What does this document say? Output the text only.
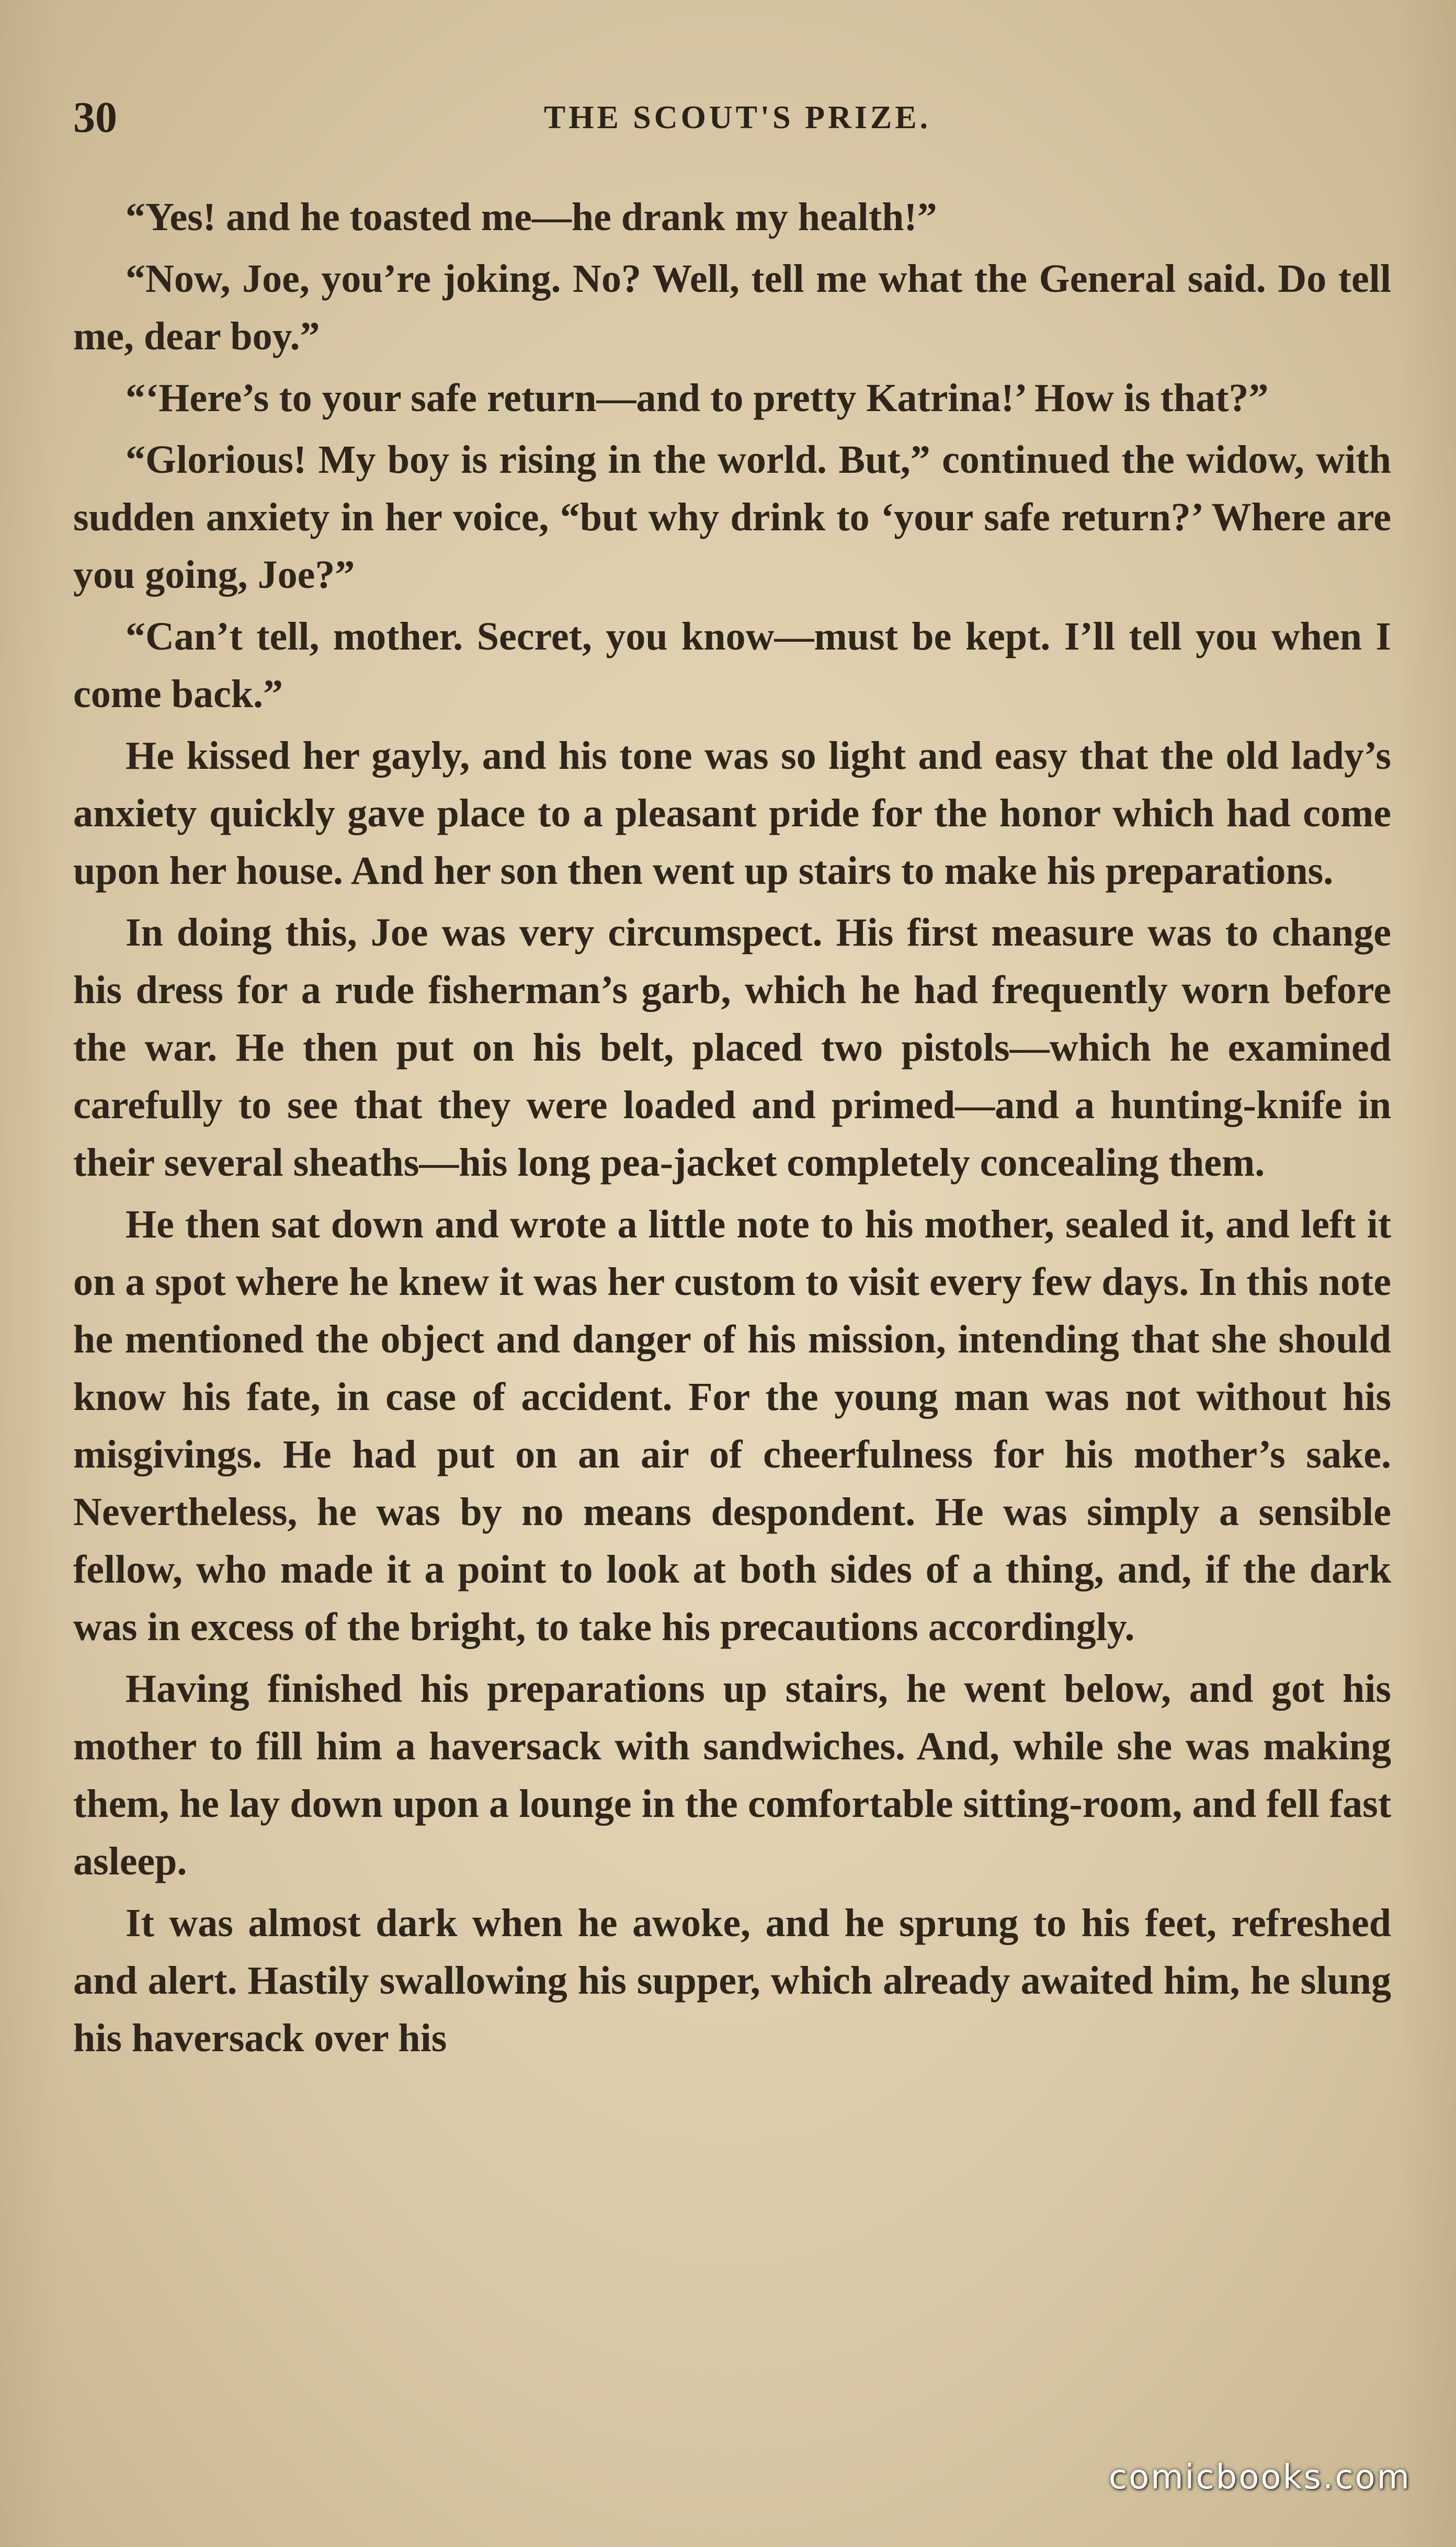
30	THE SCOUT'S PRIZE.

“Yes! and he toasted me—he drank my health!”

“Now, Joe, you’re joking. No? Well, tell me what the General said. Do tell me, dear boy.”

“‘Here’s to your safe return—and to pretty Katrina!’ How is that?”

“Glorious! My boy is rising in the world. But,” continued the widow, with sudden anxiety in her voice, “but why drink to ‘your safe return?’ Where are you going, Joe?”

“Can’t tell, mother. Secret, you know—must be kept. I’ll tell you when I come back.”

He kissed her gayly, and his tone was so light and easy that the old lady’s anxiety quickly gave place to a pleasant pride for the honor which had come upon her house. And her son then went up stairs to make his preparations.

In doing this, Joe was very circumspect. His first measure was to change his dress for a rude fisherman’s garb, which he had frequently worn before the war. He then put on his belt, placed two pistols—which he examined carefully to see that they were loaded and primed—and a hunting-knife in their several sheaths—his long pea-jacket completely concealing them.

He then sat down and wrote a little note to his mother, sealed it, and left it on a spot where he knew it was her custom to visit every few days. In this note he mentioned the object and danger of his mission, intending that she should know his fate, in case of accident. For the young man was not without his misgivings. He had put on an air of cheerfulness for his mother’s sake. Nevertheless, he was by no means despondent. He was simply a sensible fellow, who made it a point to look at both sides of a thing, and, if the dark was in excess of the bright, to take his precautions accordingly.

Having finished his preparations up stairs, he went below, and got his mother to fill him a haversack with sandwiches. And, while she was making them, he lay down upon a lounge in the comfortable sitting-room, and fell fast asleep.

It was almost dark when he awoke, and he sprung to his feet, refreshed and alert. Hastily swallowing his supper, which already awaited him, he slung his haversack over his

comicbooks.com
